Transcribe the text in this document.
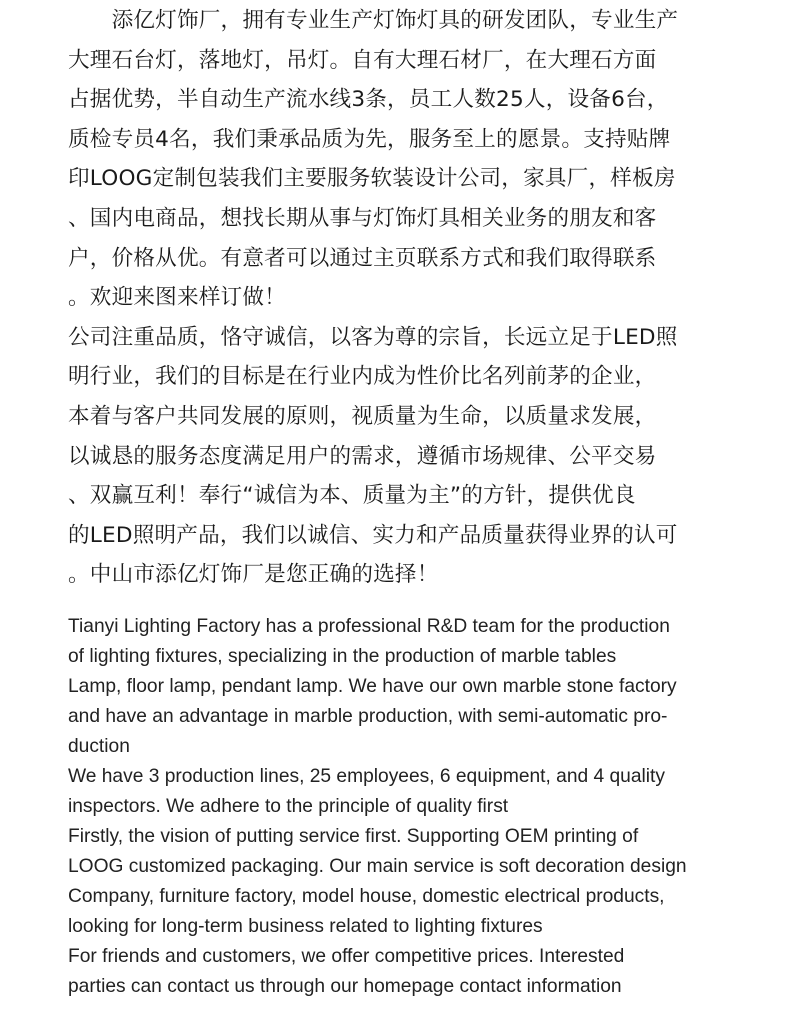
　　添亿灯饰厂，拥有专业生产灯饰灯具的研发团队，专业生产
大理石台灯，落地灯，吊灯。自有大理石材厂，在大理石方面
占据优势，半自动生产流水线3条，员工人数25人，设备6台，
质检专员4名，我们秉承品质为先，服务至上的愿景。支持贴牌
印LOOG定制包装我们主要服务软装设计公司，家具厂，样板房
、国内电商品，想找长期从事与灯饰灯具相关业务的朋友和客
户，价格从优。有意者可以通过主页联系方式和我们取得联系
。欢迎来图来样订做！
公司注重品质，恪守诚信，以客为尊的宗旨，长远立足于LED照
明行业，我们的目标是在行业内成为性价比名列前茅的企业，
本着与客户共同发展的原则，视质量为生命，以质量求发展，
以诚恳的服务态度满足用户的需求，遵循市场规律、公平交易
、双赢互利！奉行“诚信为本、质量为主”的方针，提供优良
的LED照明产品，我们以诚信、实力和产品质量获得业界的认可
。中山市添亿灯饰厂是您正确的选择！
Tianyi Lighting Factory has a professional R&D team for the production
of lighting fixtures, specializing in the production of marble tables
Lamp, floor lamp, pendant lamp. We have our own marble stone factory
and have an advantage in marble production, with semi-automatic pro-
duction
We have 3 production lines, 25 employees, 6 equipment, and 4 quality
inspectors. We adhere to the principle of quality first
Firstly, the vision of putting service first. Supporting OEM printing of
LOOG customized packaging. Our main service is soft decoration design
Company, furniture factory, model house, domestic electrical products,
looking for long-term business related to lighting fixtures
For friends and customers, we offer competitive prices. Interested
parties can contact us through our homepage contact information
